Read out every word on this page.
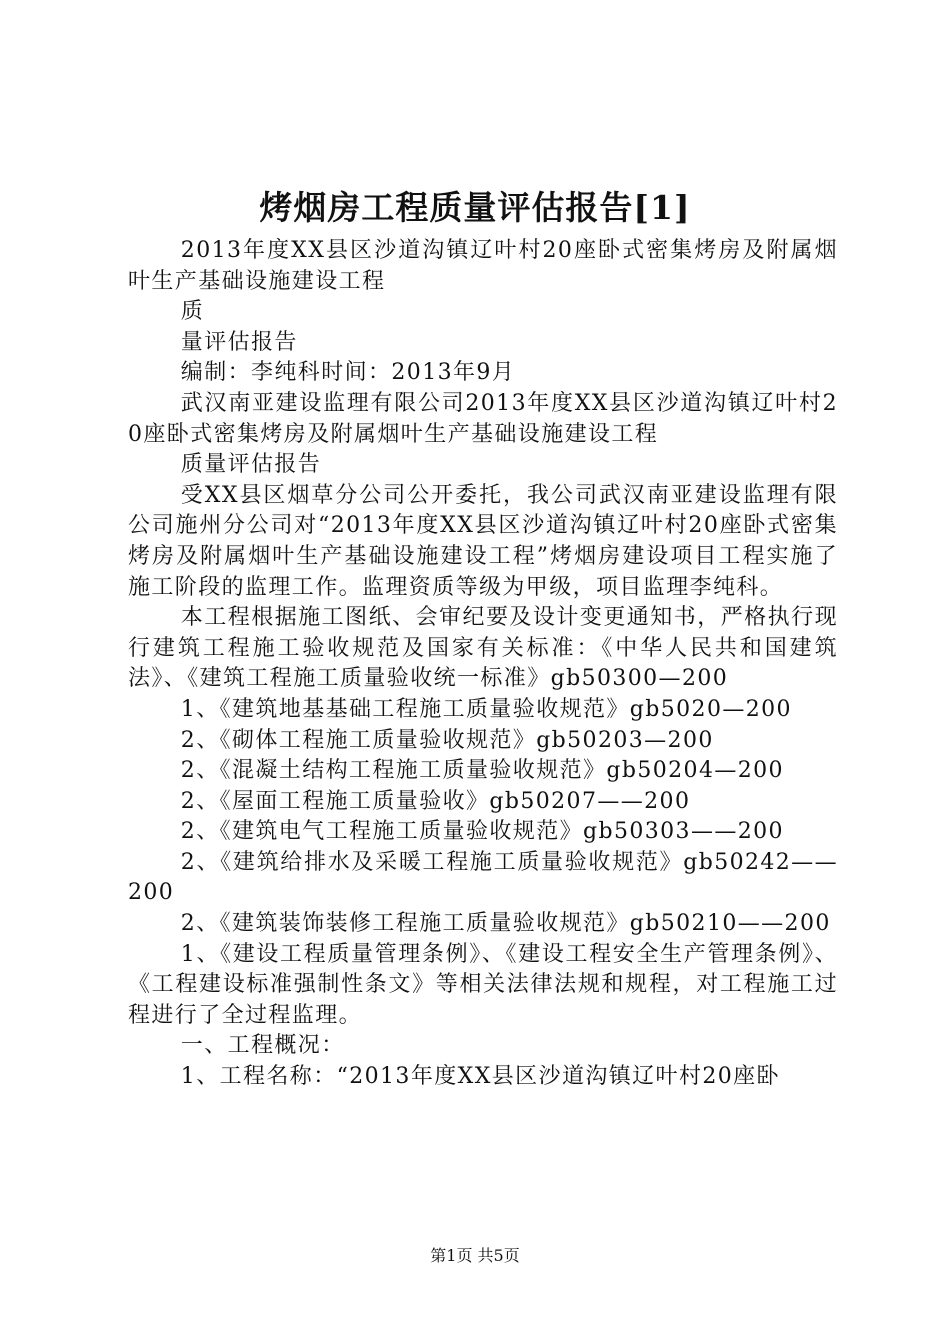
烤烟房工程质量评估报告[1]

2013年度XX县区沙道沟镇辽叶村20座卧式密集烤房及附属烟叶生产基础设施建设工程

质

量评估报告

编制：李纯科时间：2013年9月

武汉南亚建设监理有限公司2013年度XX县区沙道沟镇辽叶村20座卧式密集烤房及附属烟叶生产基础设施建设工程

质量评估报告

受XX县区烟草分公司公开委托，我公司武汉南亚建设监理有限公司施州分公司对“2013年度XX县区沙道沟镇辽叶村20座卧式密集烤房及附属烟叶生产基础设施建设工程”烤烟房建设项目工程实施了施工阶段的监理工作。监理资质等级为甲级，项目监理李纯科。

本工程根据施工图纸、会审纪要及设计变更通知书，严格执行现行建筑工程施工验收规范及国家有关标准：《中华人民共和国建筑法》、《建筑工程施工质量验收统一标准》gb50300—200

1、《建筑地基基础工程施工质量验收规范》gb5020—200

2、《砌体工程施工质量验收规范》gb50203—200

2、《混凝土结构工程施工质量验收规范》gb50204—200

2、《屋面工程施工质量验收》gb50207——200

2、《建筑电气工程施工质量验收规范》gb50303——200

2、《建筑给排水及采暖工程施工质量验收规范》gb50242——200

2、《建筑装饰装修工程施工质量验收规范》gb50210——200

1、《建设工程质量管理条例》、《建设工程安全生产管理条例》、《工程建设标准强制性条文》等相关法律法规和规程，对工程施工过程进行了全过程监理。

一、工程概况：

1、工程名称：“2013年度XX县区沙道沟镇辽叶村20座卧

第1页 共5页
